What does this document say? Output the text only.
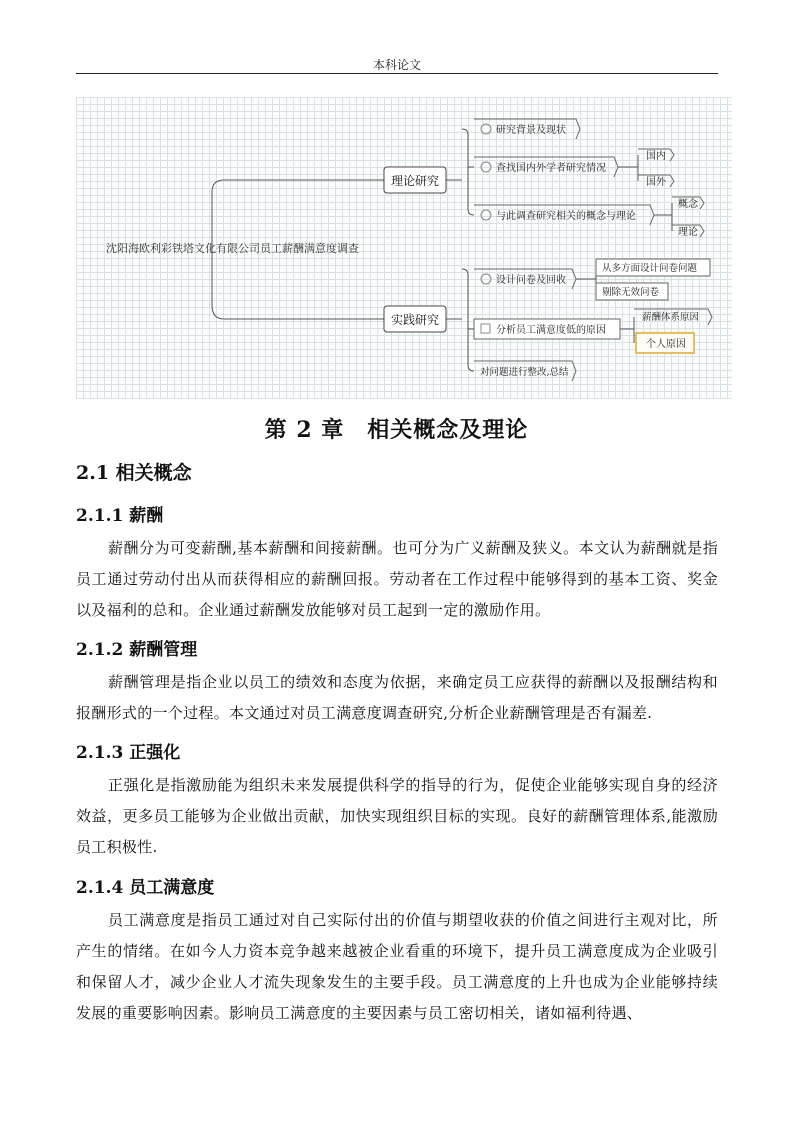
本科论文
沈阳海欧利彩铁塔文化有限公司员工薪酬满意度调查
理论研究
实践研究
研究背景及现状
查找国内外学者研究情况
国内
国外
与此调查研究相关的概念与理论
概念
理论
设计问卷及回收
从多方面设计问卷问题
剔除无效问卷
分析员工满意度低的原因
薪酬体系原因
个人原因
对问题进行整改,总结
第 2 章　相关概念及理论
2.1 相关概念
2.1.1 薪酬
薪酬分为可变薪酬,基本薪酬和间接薪酬。也可分为广义薪酬及狭义。本文认为薪酬就是指员工通过劳动付出从而获得相应的薪酬回报。劳动者在工作过程中能够得到的基本工资、奖金以及福利的总和。企业通过薪酬发放能够对员工起到一定的激励作用。
2.1.2 薪酬管理
薪酬管理是指企业以员工的绩效和态度为依据，来确定员工应获得的薪酬以及报酬结构和报酬形式的一个过程。本文通过对员工满意度调查研究,分析企业薪酬管理是否有漏差.
2.1.3 正强化
正强化是指激励能为组织未来发展提供科学的指导的行为，促使企业能够实现自身的经济效益，更多员工能够为企业做出贡献，加快实现组织目标的实现。良好的薪酬管理体系,能激励员工积极性.
2.1.4 员工满意度
员工满意度是指员工通过对自己实际付出的价值与期望收获的价值之间进行主观对比，所产生的情绪。在如今人力资本竞争越来越被企业看重的环境下，提升员工满意度成为企业吸引和保留人才，减少企业人才流失现象发生的主要手段。员工满意度的上升也成为企业能够持续发展的重要影响因素。影响员工满意度的主要因素与员工密切相关，诸如福利待遇、
